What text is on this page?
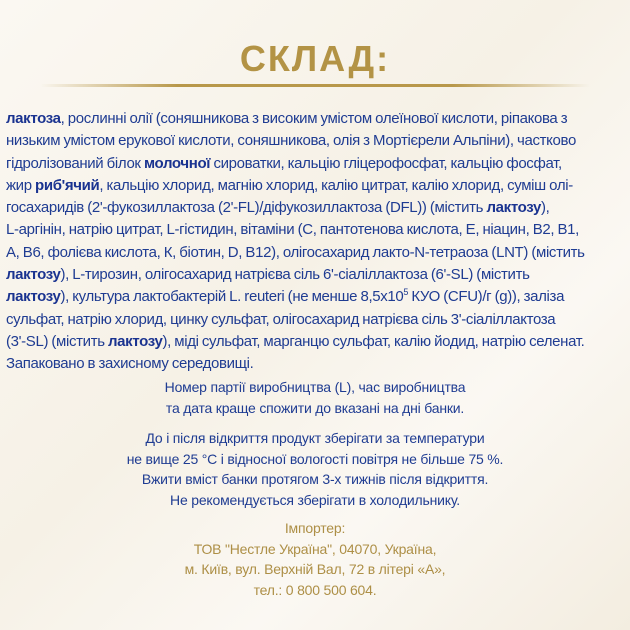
СКЛАД:
лактоза, рослинні олії (соняшникова з високим умістом олеїнової кислоти, ріпакова з
низьким умістом ерукової кислоти, соняшникова, олія з Мортієрели Альпіни), частково
гідролізований білок молочної сироватки, кальцію гліцерофосфат, кальцію фосфат,
жир риб'ячий, кальцію хлорид, магнію хлорид, калію цитрат, калію хлорид, суміш олі-
госахаридів (2'-фукозиллактоза (2'-FL)/діфукозиллактоза (DFL)) (містить лактозу),
L-аргінін, натрію цитрат, L-гістидин, вітаміни (С, пантотенова кислота, Е, ніацин, В2, В1,
А, В6, фолієва кислота, К, біотин, D, B12), олігосахарид лакто-N-тетраоза (LNT) (містить
лактозу), L-тирозин, олігосахарид натрієва сіль 6'-сіаліллактоза (6'-SL) (містить
лактозу), культура лактобактерій L. reuteri (не менше $8,5х10^5$ КУО (CFU)/г (g)), заліза
сульфат, натрію хлорид, цинку сульфат, олігосахарид натрієва сіль 3'-сіаліллактоза
(3'-SL) (містить лактозу), міді сульфат, марганцю сульфат, калію йодид, натрію селенат.
Запаковано в захисному середовищі.
Номер партії виробництва (L), час виробництва
та дата краще спожити до вказані на дні банки.
До і після відкриття продукт зберігати за температури
не вище 25 °С і відносної вологості повітря не більше 75 %.
Вжити вміст банки протягом 3-х тижнів після відкриття.
Не рекомендується зберігати в холодильнику.
Імпортер:
ТОВ "Нестле Україна", 04070, Україна,
м. Київ, вул. Верхній Вал, 72 в літері «А»,
тел.: 0 800 500 604.
